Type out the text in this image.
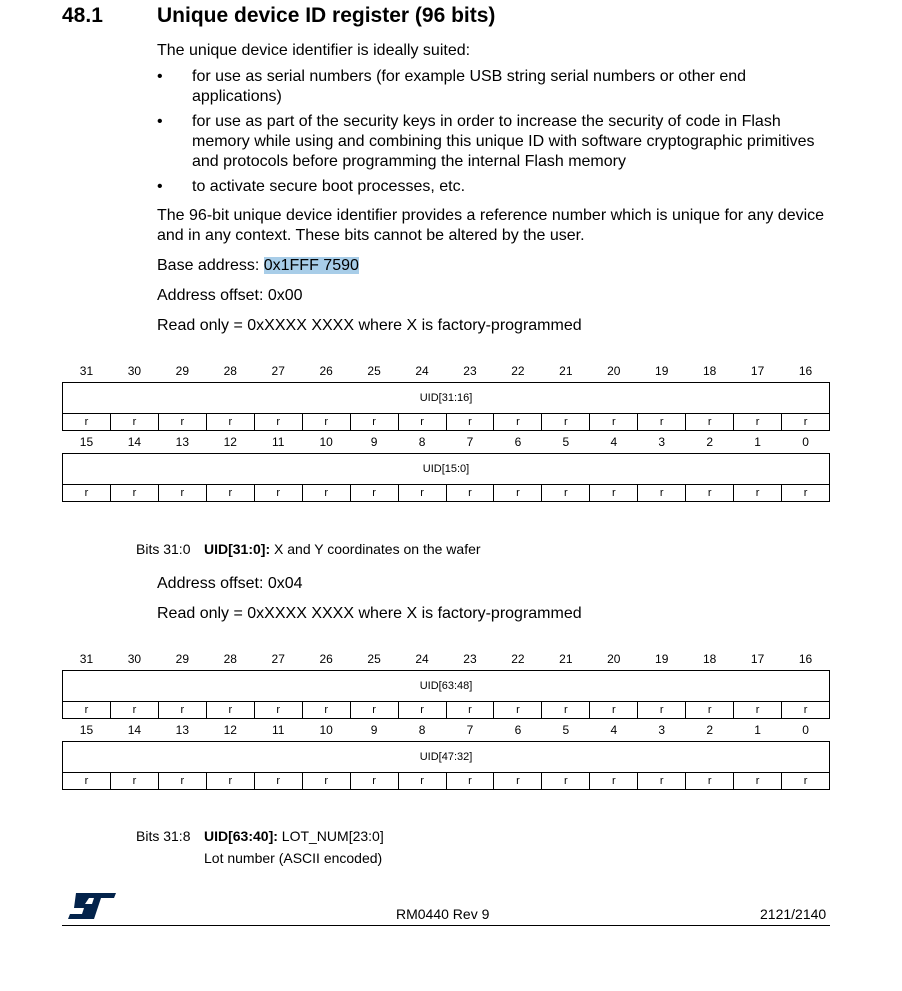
48.1	Unique device ID register (96 bits)
The unique device identifier is ideally suited:
• for use as serial numbers (for example USB string serial numbers or other end applications)
• for use as part of the security keys in order to increase the security of code in Flash memory while using and combining this unique ID with software cryptographic primitives and protocols before programming the internal Flash memory
• to activate secure boot processes, etc.
The 96-bit unique device identifier provides a reference number which is unique for any device and in any context. These bits cannot be altered by the user.
Base address: 0x1FFF 7590
Address offset: 0x00
Read only = 0xXXXX XXXX where X is factory-programmed
31	30	29	28	27	26	25	24	23	22	21	20	19	18	17	16
UID[31:16]															
r	r	r	r	r	r	r	r	r	r	r	r	r	r	r	r
15	14	13	12	11	10	9	8	7	6	5	4	3	2	1	0
UID[15:0]															
r	r	r	r	r	r	r	r	r	r	r	r	r	r	r	r
Bits 31:0 UID[31:0]: X and Y coordinates on the wafer
Address offset: 0x04
Read only = 0xXXXX XXXX where X is factory-programmed
31	30	29	28	27	26	25	24	23	22	21	20	19	18	17	16
UID[63:48]															
r	r	r	r	r	r	r	r	r	r	r	r	r	r	r	r
15	14	13	12	11	10	9	8	7	6	5	4	3	2	1	0
UID[47:32]															
r	r	r	r	r	r	r	r	r	r	r	r	r	r	r	r
Bits 31:8 UID[63:40]: LOT_NUM[23:0]
Lot number (ASCII encoded)
RM0440 Rev 9	2121/2140
